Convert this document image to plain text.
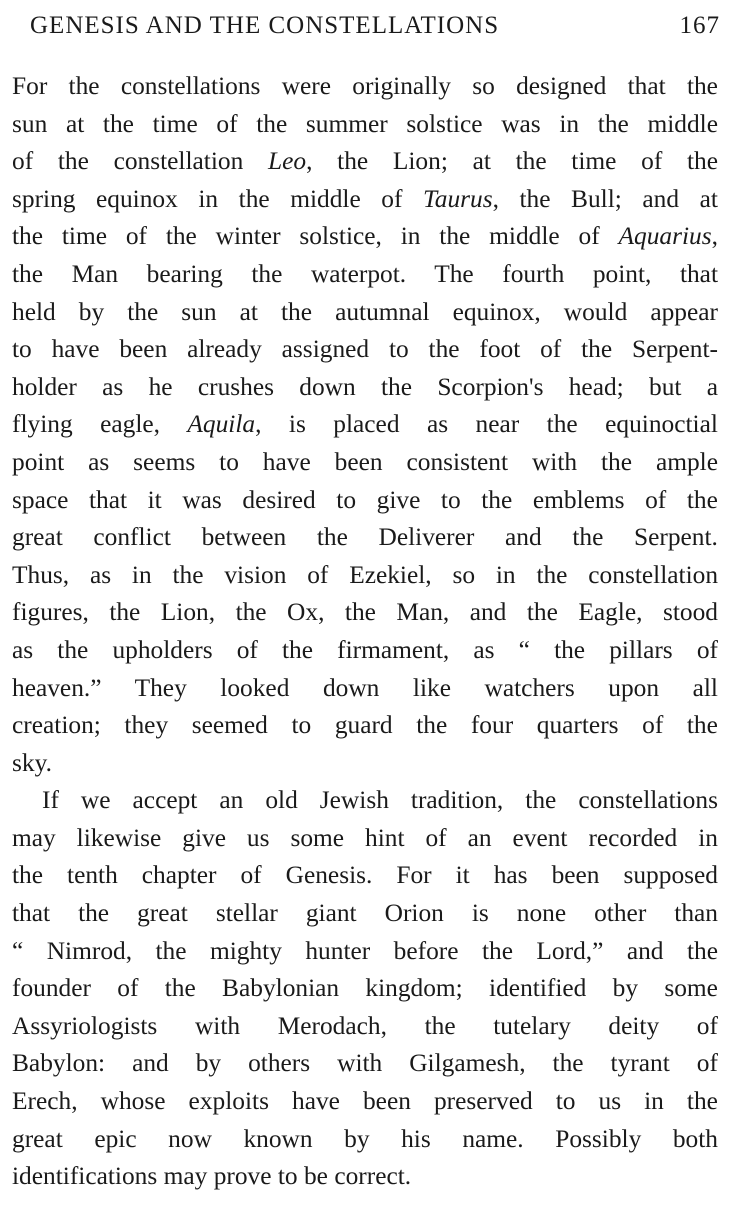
GENESIS AND THE CONSTELLATIONS	167
For the constellations were originally so designed that the
sun at the time of the summer solstice was in the middle
of the constellation Leo, the Lion; at the time of the
spring equinox in the middle of Taurus, the Bull; and at
the time of the winter solstice, in the middle of Aquarius,
the Man bearing the waterpot. The fourth point, that
held by the sun at the autumnal equinox, would appear
to have been already assigned to the foot of the Serpent-
holder as he crushes down the Scorpion's head; but a
flying eagle, Aquila, is placed as near the equinoctial
point as seems to have been consistent with the ample
space that it was desired to give to the emblems of the
great conflict between the Deliverer and the Serpent.
Thus, as in the vision of Ezekiel, so in the constellation
figures, the Lion, the Ox, the Man, and the Eagle, stood
as the upholders of the firmament, as “ the pillars of
heaven.” They looked down like watchers upon all
creation; they seemed to guard the four quarters of the
sky.
If we accept an old Jewish tradition, the constellations
may likewise give us some hint of an event recorded in
the tenth chapter of Genesis. For it has been supposed
that the great stellar giant Orion is none other than
“ Nimrod, the mighty hunter before the Lord,” and the
founder of the Babylonian kingdom; identified by some
Assyriologists with Merodach, the tutelary deity of
Babylon: and by others with Gilgamesh, the tyrant of
Erech, whose exploits have been preserved to us in the
great epic now known by his name. Possibly both
identifications may prove to be correct.
